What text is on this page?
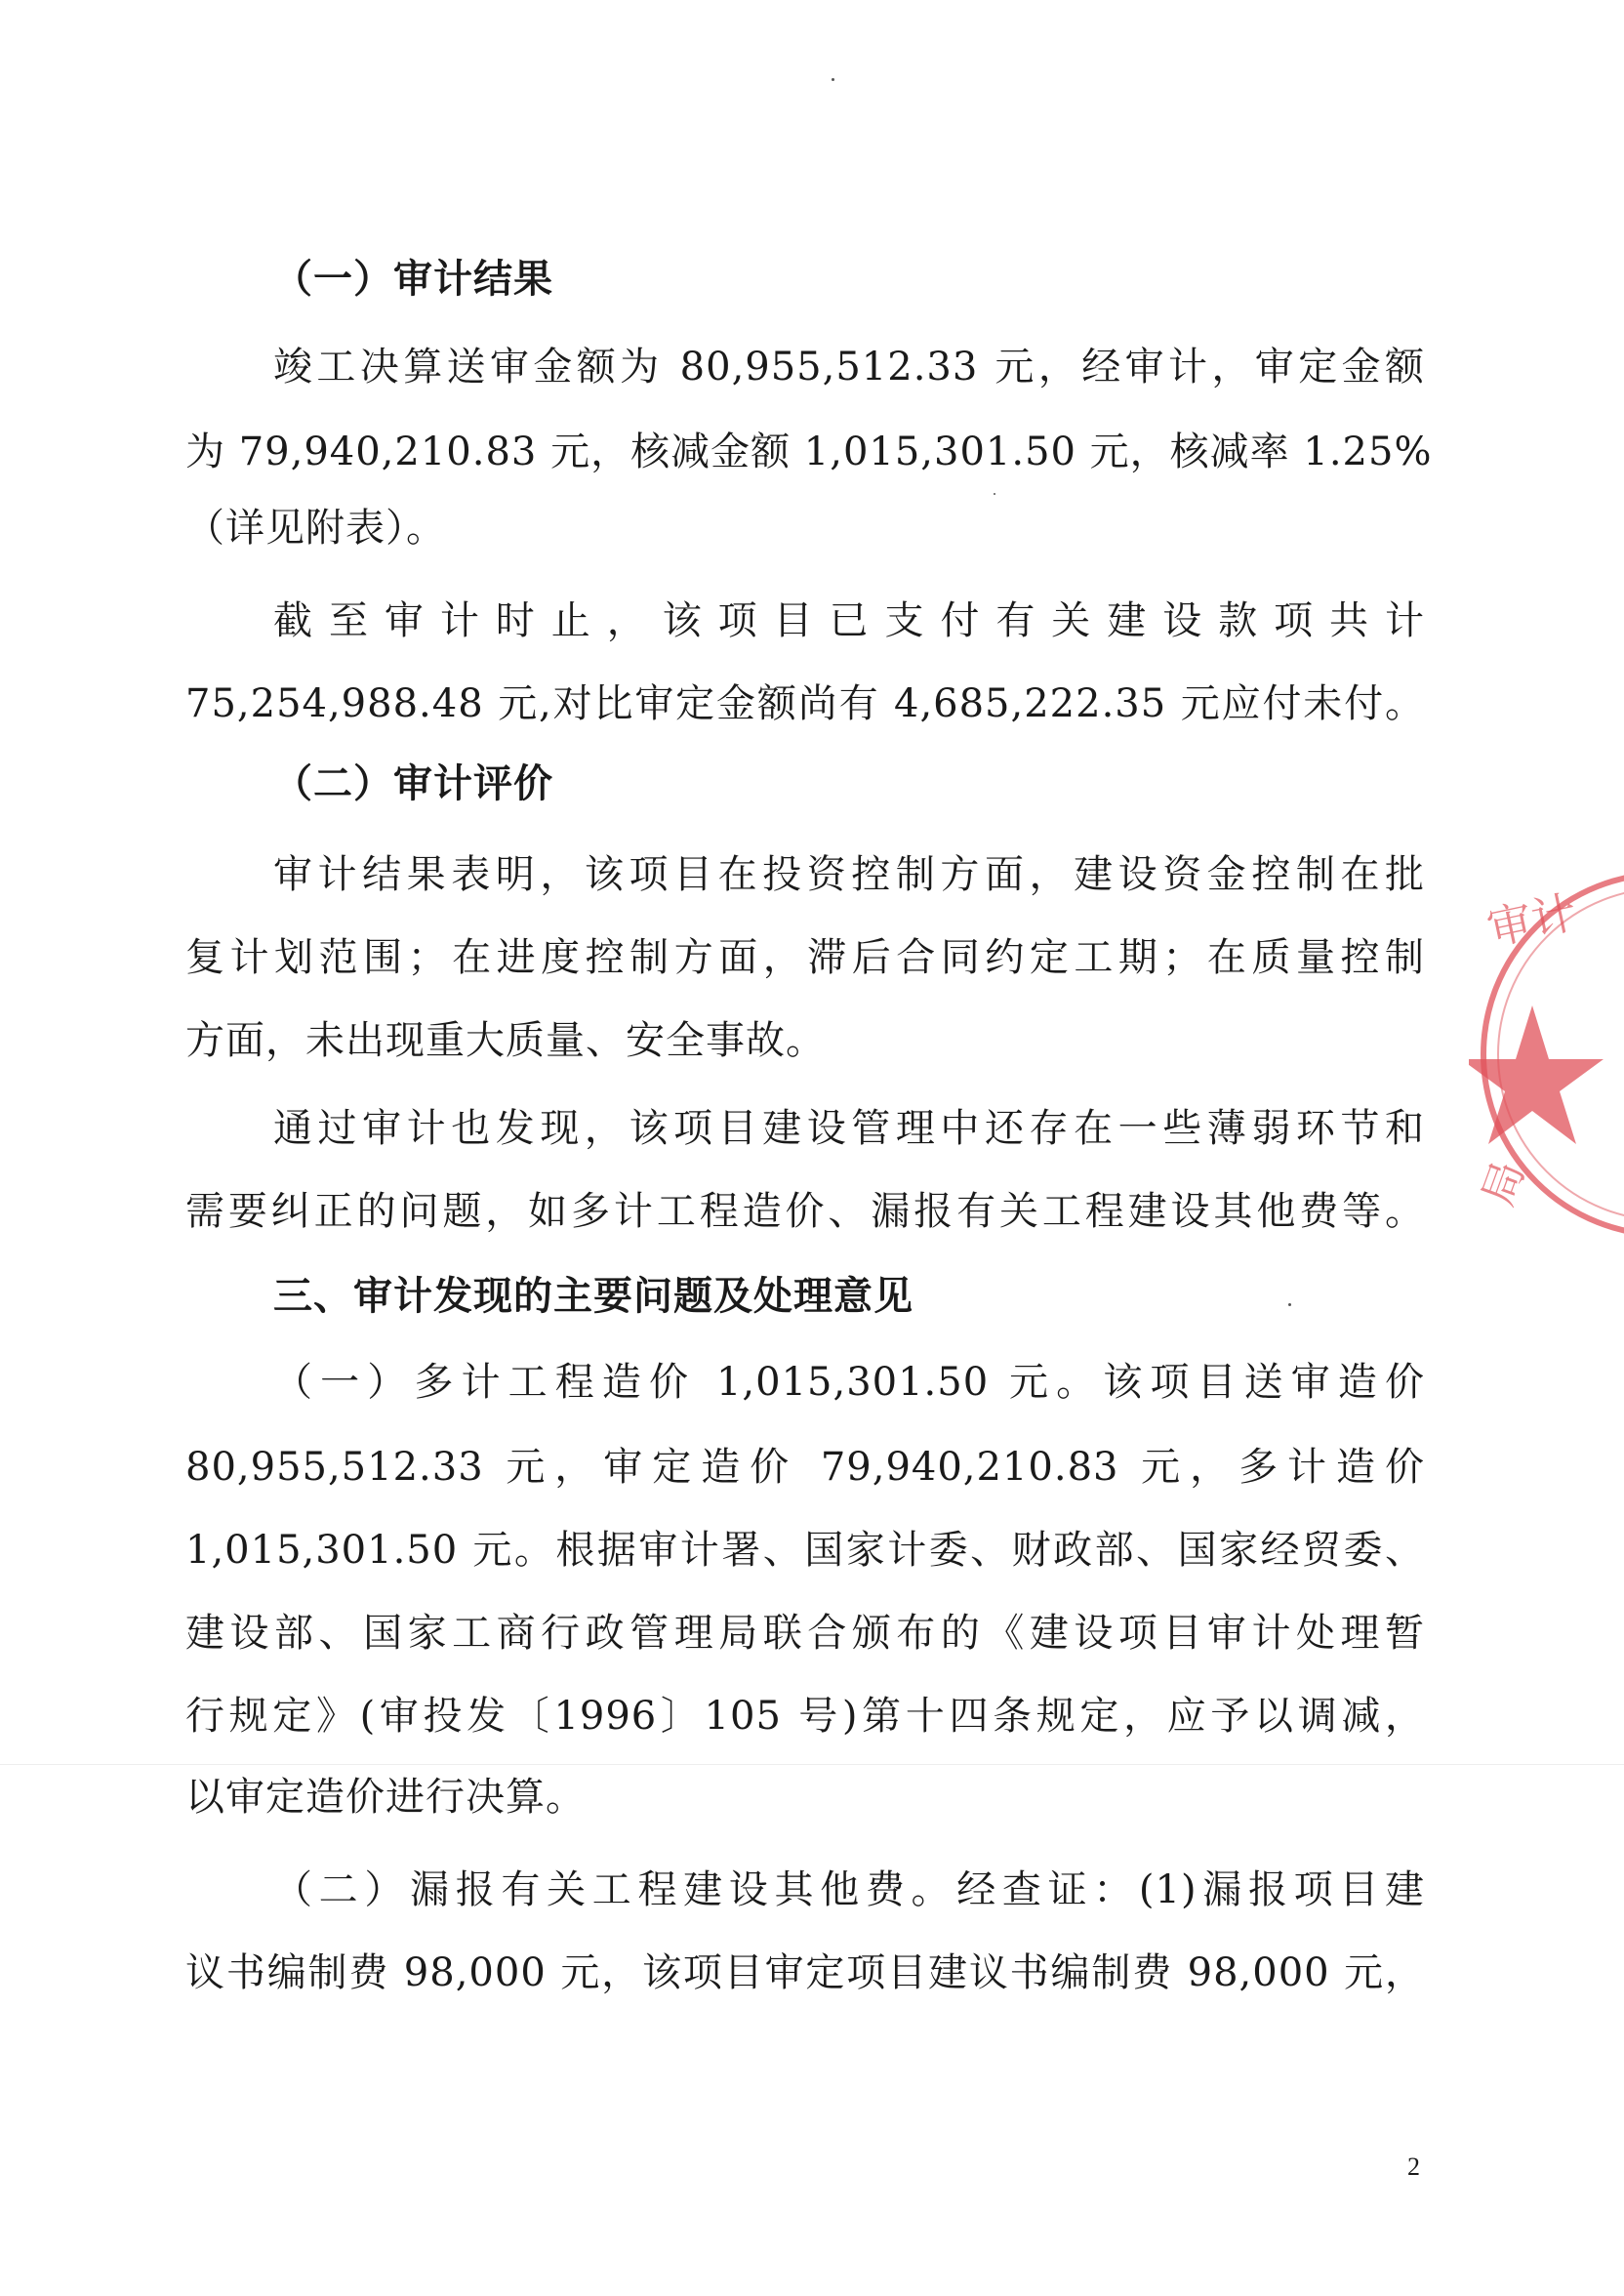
（一）审计结果
竣工决算送审金额为 80,955,512.33 元，经审计，审定金额
为 79,940,210.83 元，核减金额 1,015,301.50 元，核减率 1.25%
（详见附表）。
截至审计时止，该项目已支付有关建设款项共计
75,254,988.48 元,对比审定金额尚有 4,685,222.35 元应付未付。
（二）审计评价
审计结果表明，该项目在投资控制方面，建设资金控制在批
复计划范围；在进度控制方面，滞后合同约定工期；在质量控制
方面，未出现重大质量、安全事故。
通过审计也发现，该项目建设管理中还存在一些薄弱环节和
需要纠正的问题，如多计工程造价、漏报有关工程建设其他费等。
三、审计发现的主要问题及处理意见
（一）多计工程造价 1,015,301.50 元。该项目送审造价
80,955,512.33 元，审定造价 79,940,210.83 元，多计造价
1,015,301.50 元。根据审计署、国家计委、财政部、国家经贸委、
建设部、国家工商行政管理局联合颁布的《建设项目审计处理暂
行规定》(审投发〔1996〕105 号)第十四条规定，应予以调减，
以审定造价进行决算。
（二）漏报有关工程建设其他费。经查证：(1)漏报项目建
议书编制费 98,000 元，该项目审定项目建议书编制费 98,000 元，
2
审计
局
